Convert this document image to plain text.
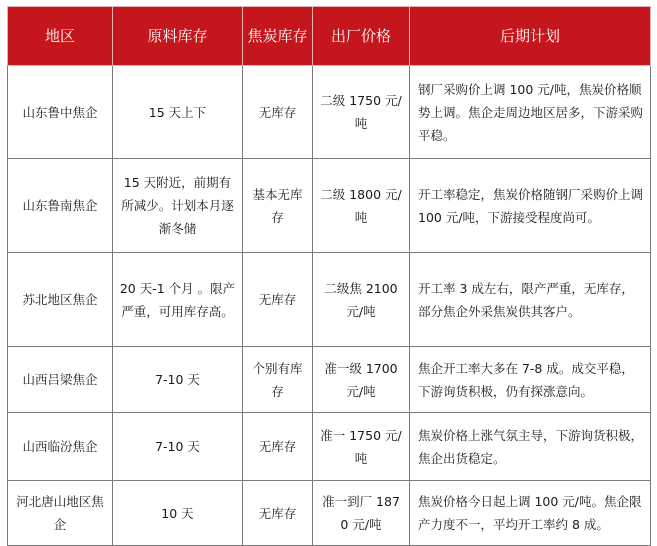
地区	原料库存	焦炭库存	出厂价格	后期计划
山东鲁中焦企	15 天上下	无库存	二级 1750 元/吨	钢厂采购价上调 100 元/吨，焦炭价格顺势上调。焦企走周边地区居多，下游采购平稳。
山东鲁南焦企	15 天附近，前期有所减少。计划本月逐渐冬储	基本无库存	二级 1800 元/吨	开工率稳定，焦炭价格随钢厂采购价上调 100 元/吨，下游接受程度尚可。
苏北地区焦企	20 天-1 个月 。限产严重，可用库存高。	无库存	二级焦 2100 元/吨	开工率 3 成左右，限产严重，无库存，部分焦企外采焦炭供其客户。
山西吕梁焦企	7-10 天	个别有库存	准一级 1700 元/吨	焦企开工率大多在 7-8 成。成交平稳，下游询货积极，仍有探涨意向。
山西临汾焦企	7-10 天	无库存	准一 1750 元/吨	焦炭价格上涨气氛主导，下游询货积极，焦企出货稳定。
河北唐山地区焦企	10 天	无库存	准一到厂 1870 元/吨	焦炭价格今日起上调 100 元/吨。焦企限产力度不一，平均开工率约 8 成。
